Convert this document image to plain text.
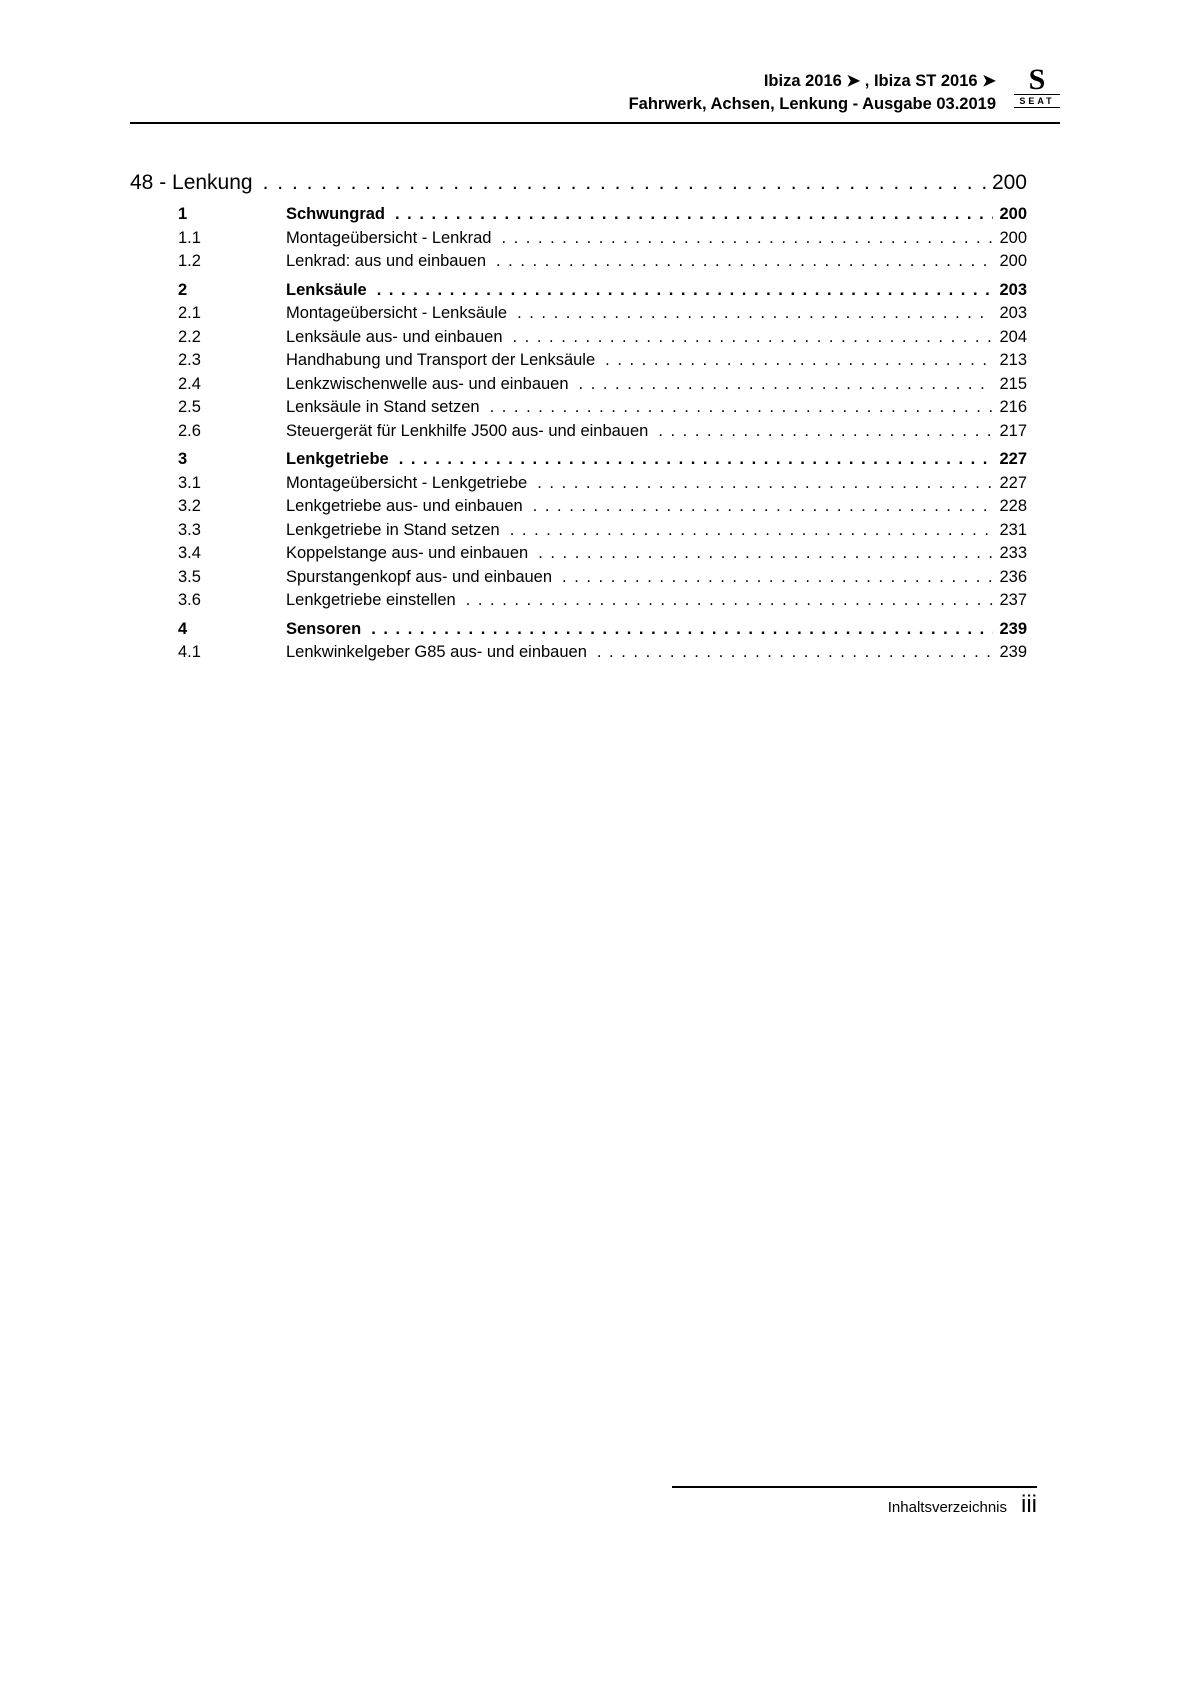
Ibiza 2016 ➤ , Ibiza ST 2016 ➤
Fahrwerk, Achsen, Lenkung - Ausgabe 03.2019
S
SEAT
48 - Lenkung . . .	200
1	Schwungrad . . .	200
1.1	Montageübersicht - Lenkrad . . .	200
1.2	Lenkrad: aus und einbauen . . .	200
2	Lenksäule . . .	203
2.1	Montageübersicht - Lenksäule . . .	203
2.2	Lenksäule aus- und einbauen . . .	204
2.3	Handhabung und Transport der Lenksäule . . .	213
2.4	Lenkzwischenwelle aus- und einbauen . . .	215
2.5	Lenksäule in Stand setzen . . .	216
2.6	Steuergerät für Lenkhilfe J500 aus- und einbauen . . .	217
3	Lenkgetriebe . . .	227
3.1	Montageübersicht - Lenkgetriebe . . .	227
3.2	Lenkgetriebe aus- und einbauen . . .	228
3.3	Lenkgetriebe in Stand setzen . . .	231
3.4	Koppelstange aus- und einbauen . . .	233
3.5	Spurstangenkopf aus- und einbauen . . .	236
3.6	Lenkgetriebe einstellen . . .	237
4	Sensoren . . .	239
4.1	Lenkwinkelgeber G85 aus- und einbauen . . .	239
Inhaltsverzeichnis iii
